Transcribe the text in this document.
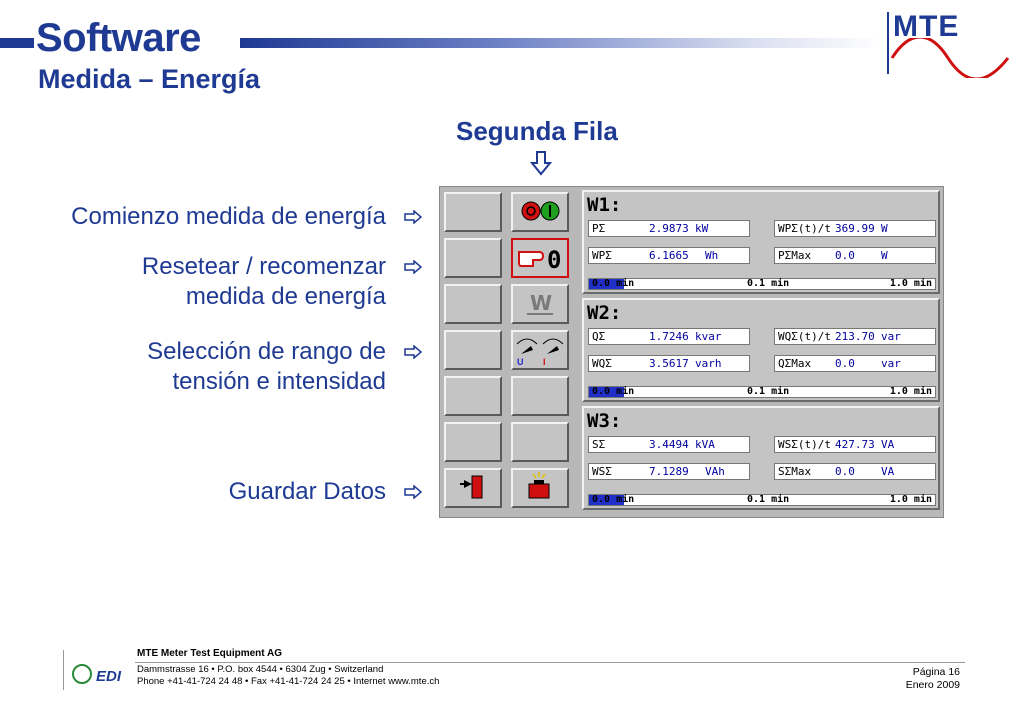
Software
Medida – Energía
MTE
Segunda Fila
Comienzo medida de energía
Resetear / recomenzar
medida de energía
Selección de rango de
tensión e intensidad
Guardar Datos
0
W
U I
W1:
PΣ	2.9873 kW	WPΣ(t)/t 369.99 W
WPΣ	6.1665 Wh	PΣMax 0.0 W
0.0 min	0.1 min	1.0 min
W2:
QΣ	1.7246 kvar	WQΣ(t)/t 213.70 var
WQΣ	3.5617 varh	QΣMax 0.0 var
0.0 min	0.1 min	1.0 min
W3:
SΣ	3.4494 kVA	WSΣ(t)/t 427.73 VA
WSΣ	7.1289 VAh	SΣMax 0.0 VA
0.0 min	0.1 min	1.0 min
EDI
MTE Meter Test Equipment AG
Dammstrasse 16 • P.O. box 4544 • 6304 Zug • Switzerland
Phone +41-41-724 24 48 • Fax +41-41-724 24 25 • Internet www.mte.ch
Página 16
Enero 2009
